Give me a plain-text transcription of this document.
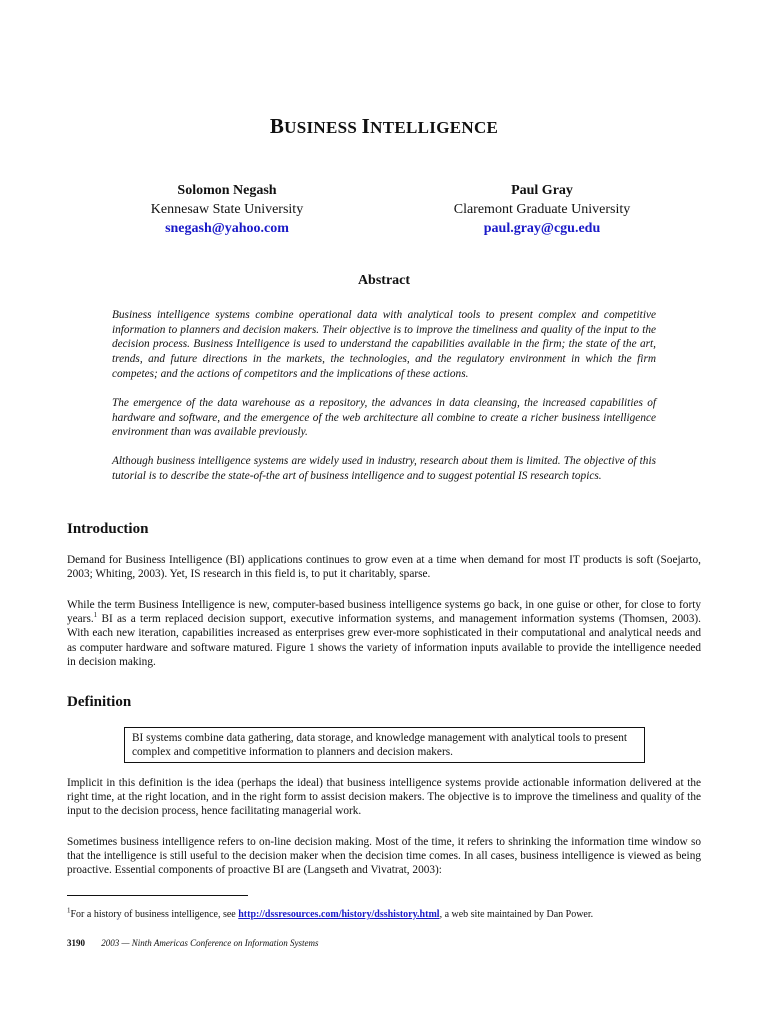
BUSINESS INTELLIGENCE
Solomon Negash
Kennesaw State University
snegash@yahoo.com
Paul Gray
Claremont Graduate University
paul.gray@cgu.edu
Abstract

Business intelligence systems combine operational data with analytical tools to present complex and competitive information to planners and decision makers. Their objective is to improve the timeliness and quality of the input to the decision process. Business Intelligence is used to understand the capabilities available in the firm; the state of the art, trends, and future directions in the markets, the technologies, and the regulatory environment in which the firm competes; and the actions of competitors and the implications of these actions.

The emergence of the data warehouse as a repository, the advances in data cleansing, the increased capabilities of hardware and software, and the emergence of the web architecture all combine to create a richer business intelligence environment than was available previously.

Although business intelligence systems are widely used in industry, research about them is limited. The objective of this tutorial is to describe the state-of-the art of business intelligence and to suggest potential IS research topics.

Introduction

Demand for Business Intelligence (BI) applications continues to grow even at a time when demand for most IT products is soft (Soejarto, 2003; Whiting, 2003). Yet, IS research in this field is, to put it charitably, sparse.

While the term Business Intelligence is new, computer-based business intelligence systems go back, in one guise or other, for close to forty years.$^1$ BI as a term replaced decision support, executive information systems, and management information systems (Thomsen, 2003). With each new iteration, capabilities increased as enterprises grew ever-more sophisticated in their computational and analytical needs and as computer hardware and software matured. Figure 1 shows the variety of information inputs available to provide the intelligence needed in decision making.

Definition
BI systems combine data gathering, data storage, and knowledge management with analytical tools to present complex and competitive information to planners and decision makers.

Implicit in this definition is the idea (perhaps the ideal) that business intelligence systems provide actionable information delivered at the right time, at the right location, and in the right form to assist decision makers. The objective is to improve the timeliness and quality of the input to the decision process, hence facilitating managerial work.

Sometimes business intelligence refers to on-line decision making. Most of the time, it refers to shrinking the information time window so that the intelligence is still useful to the decision maker when the decision time comes. In all cases, business intelligence is viewed as being proactive. Essential components of proactive BI are (Langseth and Vivatrat, 2003):

$^1$For a history of business intelligence, see http://dssresources.com/history/dsshistory.html, a web site maintained by Dan Power.
3190 2003 — Ninth Americas Conference on Information Systems
